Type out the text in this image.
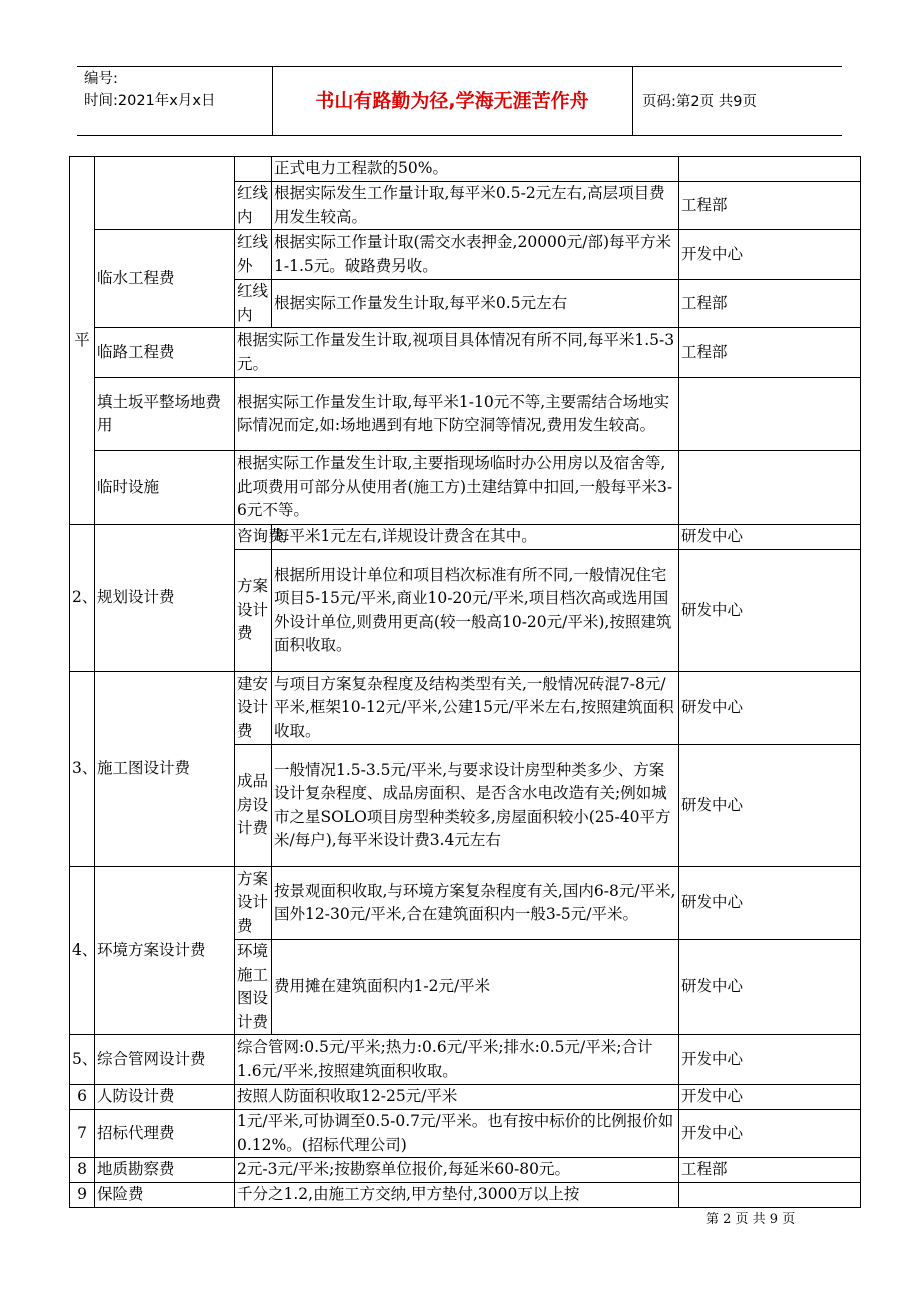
编号:
时间:2021年x月x日	书山有路勤为径,学海无涯苦作舟	页码:第2页 共9页
平			正式电力工程款的50%。	
		红线内	根据实际发生工作量计取,每平米0.5-2元左右,高层项目费用发生较高。	工程部
	临水工程费	红线外	根据实际工作量计取(需交水表押金,20000元/部)每平方米1-1.5元。破路费另收。	开发中心
		红线内	根据实际工作量发生计取,每平米0.5元左右	工程部
	临路工程费	根据实际工作量发生计取,视项目具体情况有所不同,每平米1.5-3元。		工程部
	填土坂平整场地费用	根据实际工作量发生计取,每平米1-10元不等,主要需结合场地实际情况而定,如:场地遇到有地下防空洞等情况,费用发生较高。		
	临时设施	根据实际工作量发生计取,主要指现场临时办公用房以及宿舍等,此项费用可部分从使用者(施工方)土建结算中扣回,一般每平米3-6元不等。		
2、	规划设计费	咨询费	每平米1元左右,详规设计费含在其中。	研发中心
		方案设计费	根据所用设计单位和项目档次标准有所不同,一般情况住宅项目5-15元/平米,商业10-20元/平米,项目档次高或选用国外设计单位,则费用更高(较一般高10-20元/平米),按照建筑面积收取。	研发中心
3、	施工图设计费	建安设计费	与项目方案复杂程度及结构类型有关,一般情况砖混7-8元/平米,框架10-12元/平米,公建15元/平米左右,按照建筑面积收取。	研发中心
		成品房设计费	一般情况1.5-3.5元/平米,与要求设计房型种类多少、方案设计复杂程度、成品房面积、是否含水电改造有关;例如城市之星SOLO项目房型种类较多,房屋面积较小(25-40平方米/每户),每平米设计费3.4元左右	研发中心
4、	环境方案设计费	方案设计费	按景观面积收取,与环境方案复杂程度有关,国内6-8元/平米,国外12-30元/平米,合在建筑面积内一般3-5元/平米。	研发中心
		环境施工图设计费	费用摊在建筑面积内1-2元/平米	研发中心
5、	综合管网设计费	综合管网:0.5元/平米;热力:0.6元/平米;排水:0.5元/平米;合计1.6元/平米,按照建筑面积收取。		开发中心
6	人防设计费	按照人防面积收取12-25元/平米		开发中心
7	招标代理费	1元/平米,可协调至0.5-0.7元/平米。也有按中标价的比例报价如0.12%。(招标代理公司)		开发中心
8	地质勘察费	2元-3元/平米;按勘察单位报价,每延米60-80元。		工程部
9	保险费	千分之1.2,由施工方交纳,甲方垫付,3000万以上按		
第 2 页 共 9 页
